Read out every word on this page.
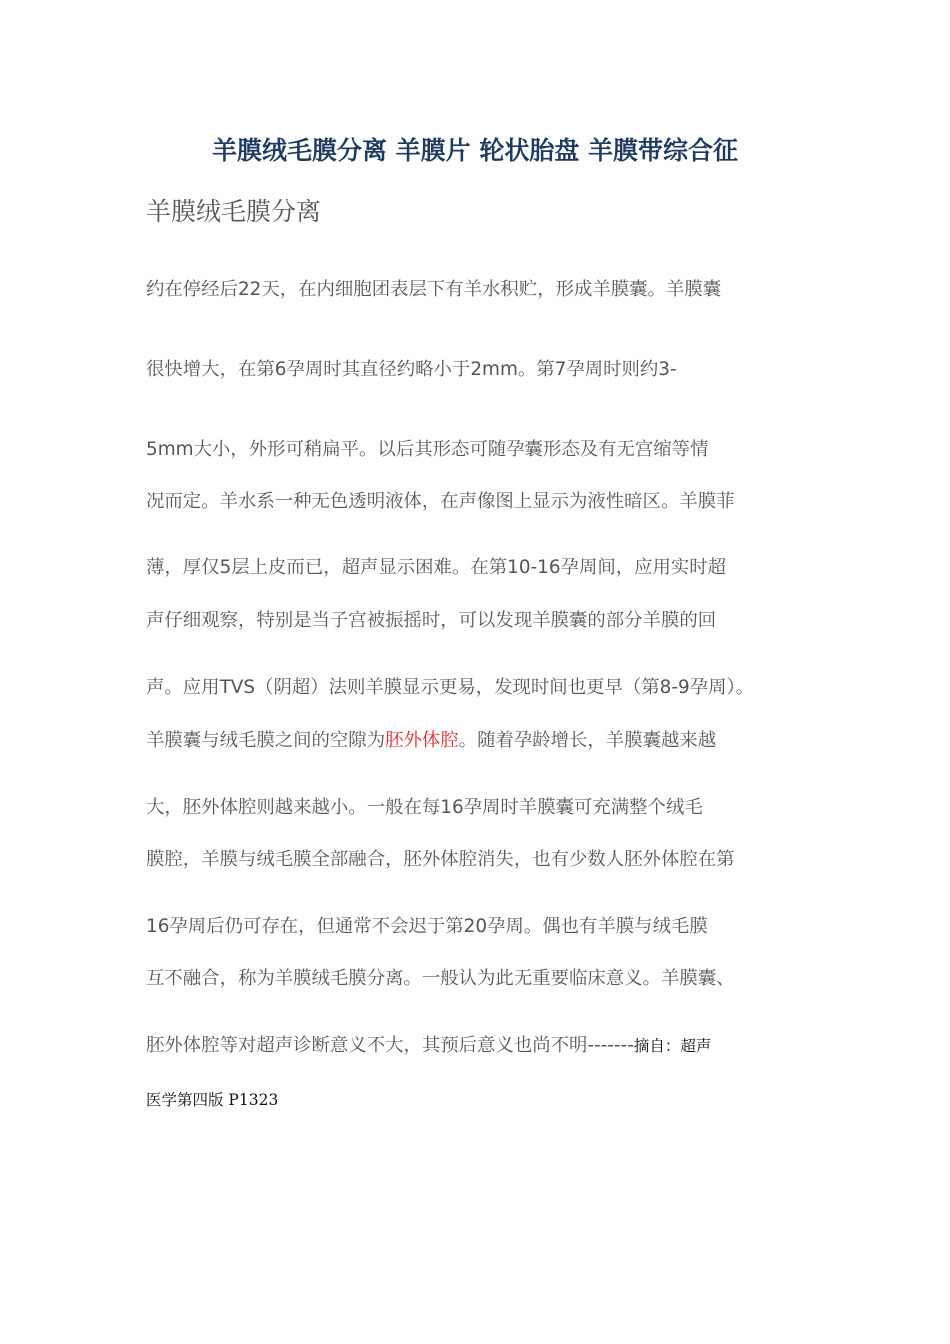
羊膜绒毛膜分离 羊膜片 轮状胎盘 羊膜带综合征
羊膜绒毛膜分离

约在停经后22天，在内细胞团表层下有羊水积贮，形成羊膜囊。羊膜囊

很快增大，在第6孕周时其直径约略小于2mm。第7孕周时则约3-

5mm大小，外形可稍扁平。以后其形态可随孕囊形态及有无宫缩等情

况而定。羊水系一种无色透明液体，在声像图上显示为液性暗区。羊膜菲

薄，厚仅5层上皮而已，超声显示困难。在第10-16孕周间，应用实时超

声仔细观察，特别是当子宫被振摇时，可以发现羊膜囊的部分羊膜的回

声。应用TVS（阴超）法则羊膜显示更易，发现时间也更早（第8-9孕周）。

羊膜囊与绒毛膜之间的空隙为胚外体腔。随着孕龄增长，羊膜囊越来越

大，胚外体腔则越来越小。一般在每16孕周时羊膜囊可充满整个绒毛

膜腔，羊膜与绒毛膜全部融合，胚外体腔消失，也有少数人胚外体腔在第

16孕周后仍可存在，但通常不会迟于第20孕周。偶也有羊膜与绒毛膜

互不融合，称为羊膜绒毛膜分离。一般认为此无重要临床意义。羊膜囊、

胚外体腔等对超声诊断意义不大，其预后意义也尚不明-------摘自：超声

医学第四版 P1323
